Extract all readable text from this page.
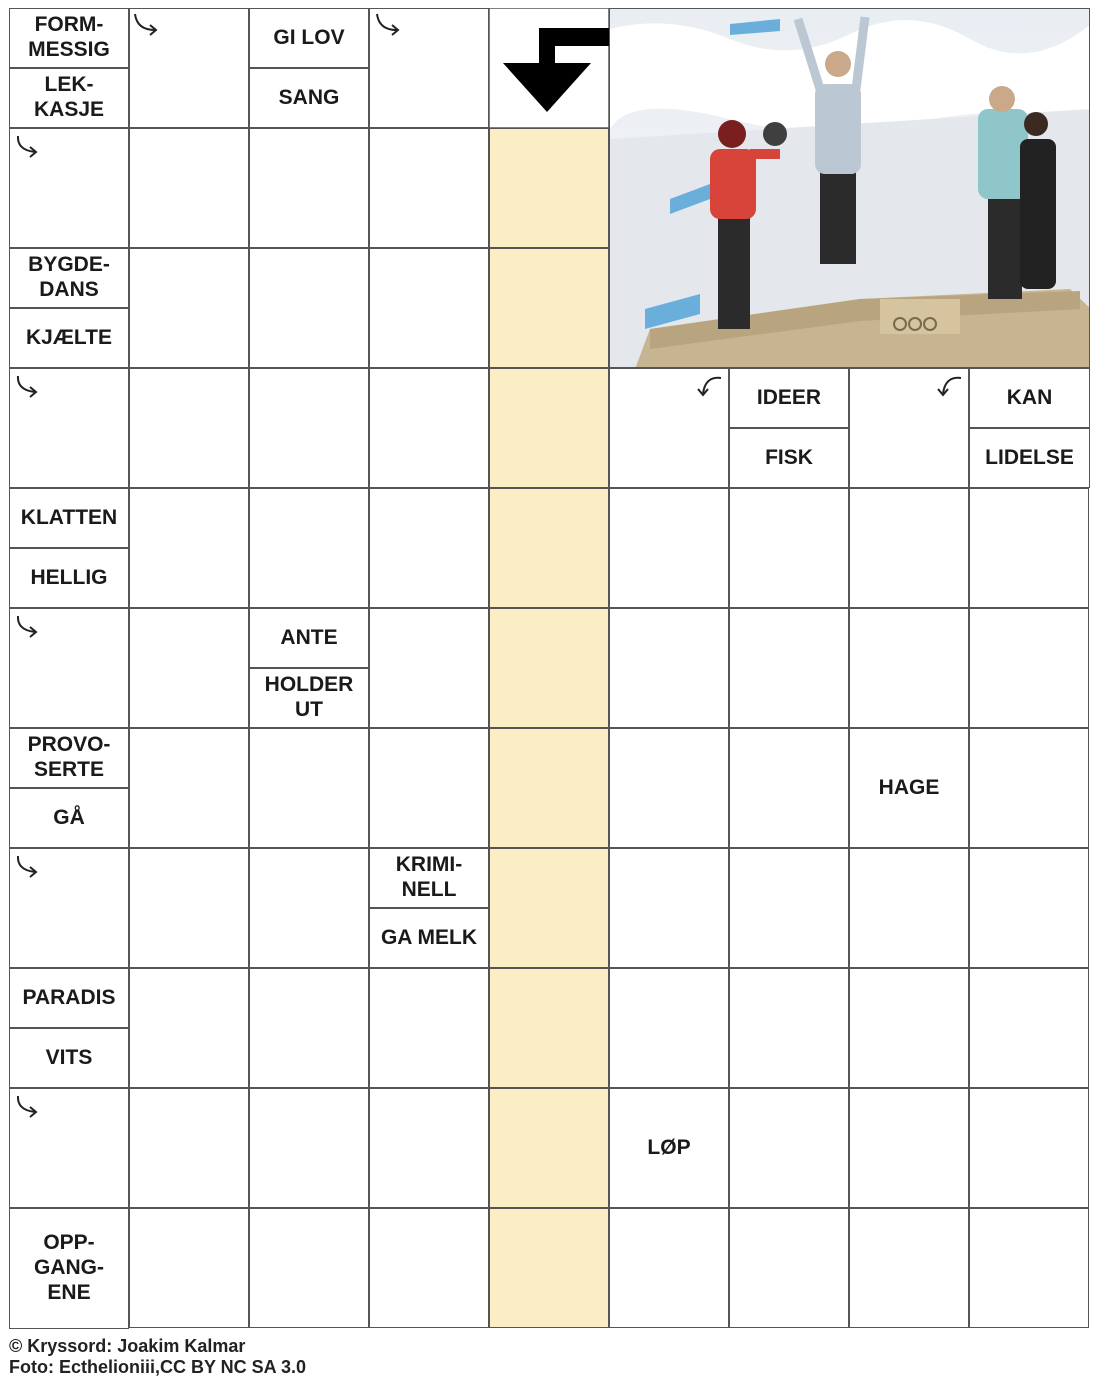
FORM-
MESSIG
LEK-
KASJE
GI LOV
SANG
BYGDE-
DANS
KJÆLTE
IDEER
FISK
KAN
LIDELSE
KLATTEN
HELLIG
ANTE
HOLDER
UT
PROVO-
SERTE
GÅ
HAGE
KRIMI-
NELL
GA MELK
PARADIS
VITS
LØP
OPP-
GANG-
ENE
© Kryssord: Joakim Kalmar
Foto: Ecthelioniii,CC BY NC SA 3.0
